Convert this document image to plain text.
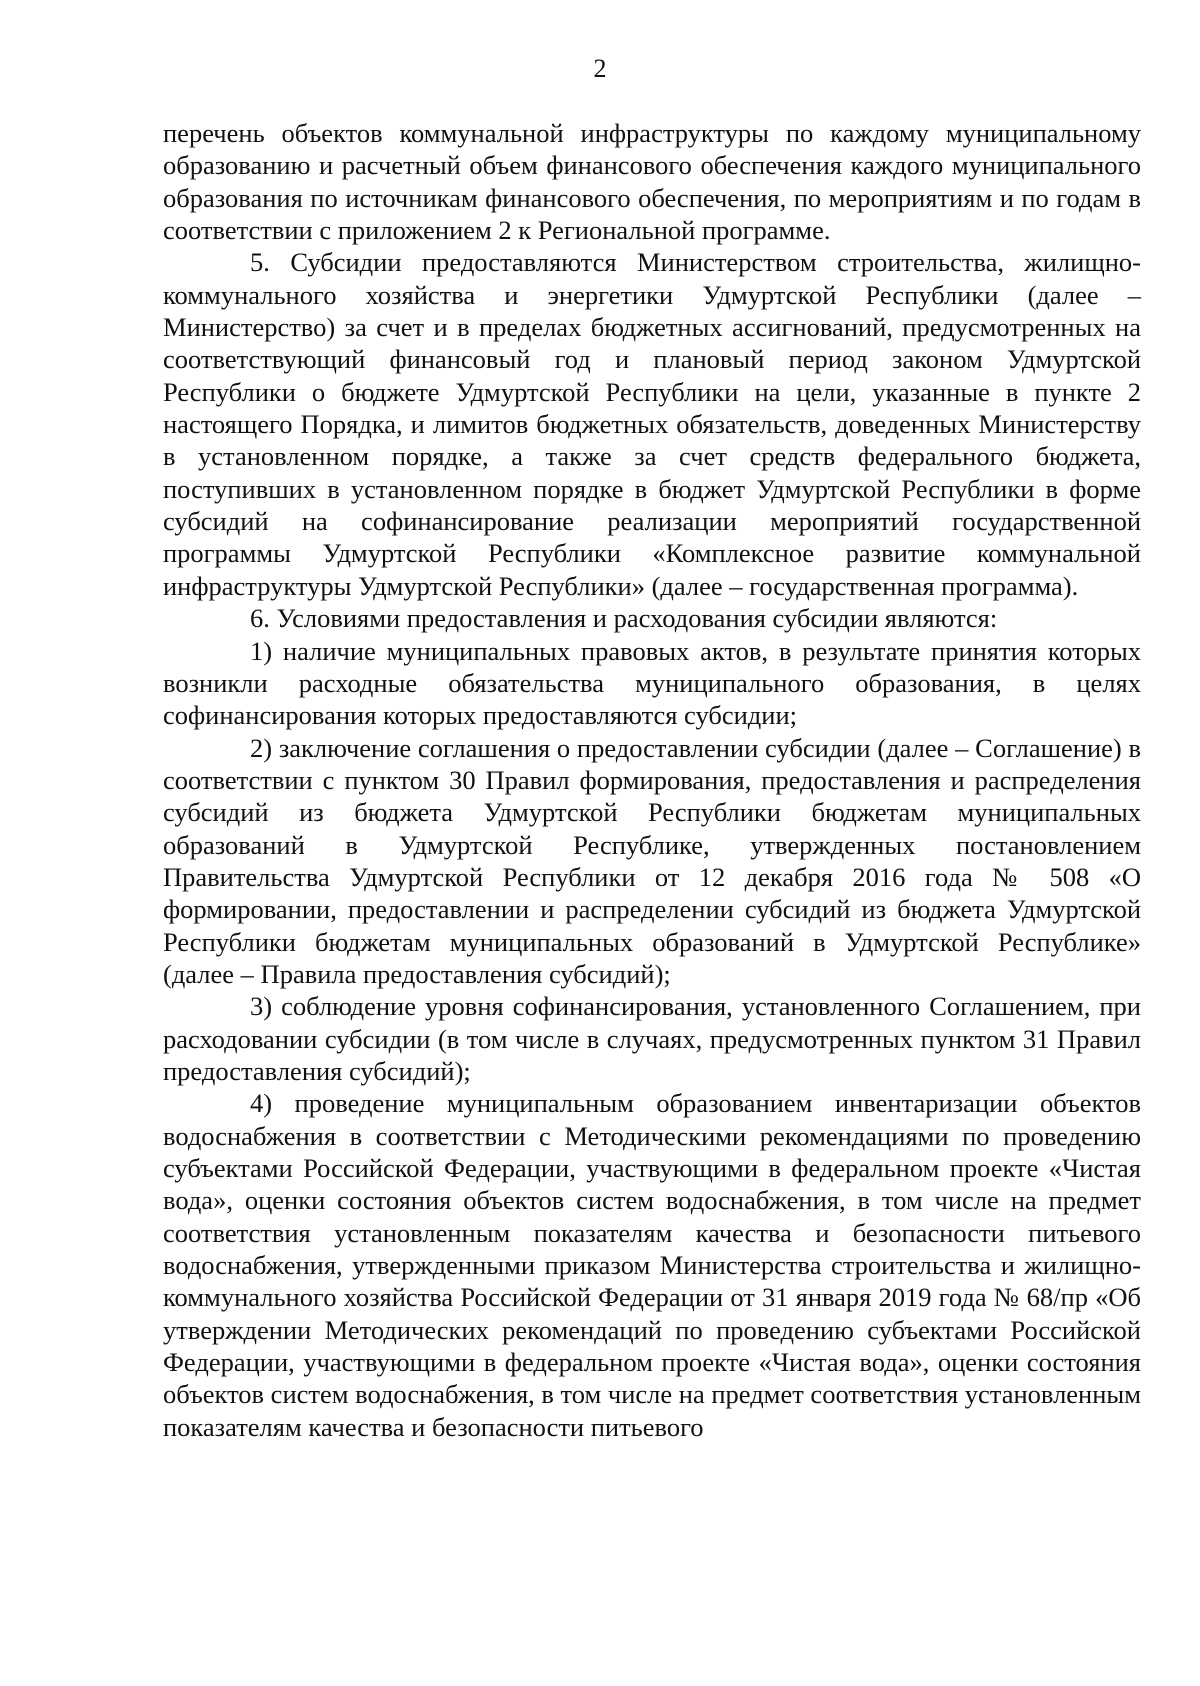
2

перечень объектов коммунальной инфраструктуры по каждому муниципальному образованию и расчетный объем финансового обеспечения каждого муниципального образования по источникам финансового обеспечения, по мероприятиям и по годам в соответствии с приложением 2 к Региональной программе.

5. Субсидии предоставляются Министерством строительства, жилищно-коммунального хозяйства и энергетики Удмуртской Республики (далее – Министерство) за счет и в пределах бюджетных ассигнований, предусмотренных на соответствующий финансовый год и плановый период законом Удмуртской Республики о бюджете Удмуртской Республики на цели, указанные в пункте 2 настоящего Порядка, и лимитов бюджетных обязательств, доведенных Министерству в установленном порядке, а также за счет средств федерального бюджета, поступивших в установленном порядке в бюджет Удмуртской Республики в форме субсидий на софинансирование реализации мероприятий государственной программы Удмуртской Республики «Комплексное развитие коммунальной инфраструктуры Удмуртской Республики» (далее – государственная программа).

6. Условиями предоставления и расходования субсидии являются:

1) наличие муниципальных правовых актов, в результате принятия которых возникли расходные обязательства муниципального образования, в целях софинансирования которых предоставляются субсидии;

2) заключение соглашения о предоставлении субсидии (далее – Соглашение) в соответствии с пунктом 30 Правил формирования, предоставления и распределения субсидий из бюджета Удмуртской Республики бюджетам муниципальных образований в Удмуртской Республике, утвержденных постановлением Правительства Удмуртской Республики от 12 декабря 2016 года № 508 «О формировании, предоставлении и распределении субсидий из бюджета Удмуртской Республики бюджетам муниципальных образований в Удмуртской Республике» (далее – Правила предоставления субсидий);

3) соблюдение уровня софинансирования, установленного Соглашением, при расходовании субсидии (в том числе в случаях, предусмотренных пунктом 31 Правил предоставления субсидий);

4) проведение муниципальным образованием инвентаризации объектов водоснабжения в соответствии с Методическими рекомендациями по проведению субъектами Российской Федерации, участвующими в федеральном проекте «Чистая вода», оценки состояния объектов систем водоснабжения, в том числе на предмет соответствия установленным показателям качества и безопасности питьевого водоснабжения, утвержденными приказом Министерства строительства и жилищно-коммунального хозяйства Российской Федерации от 31 января 2019 года № 68/пр «Об утверждении Методических рекомендаций по проведению субъектами Российской Федерации, участвующими в федеральном проекте «Чистая вода», оценки состояния объектов систем водоснабжения, в том числе на предмет соответствия установленным показателям качества и безопасности питьевого
